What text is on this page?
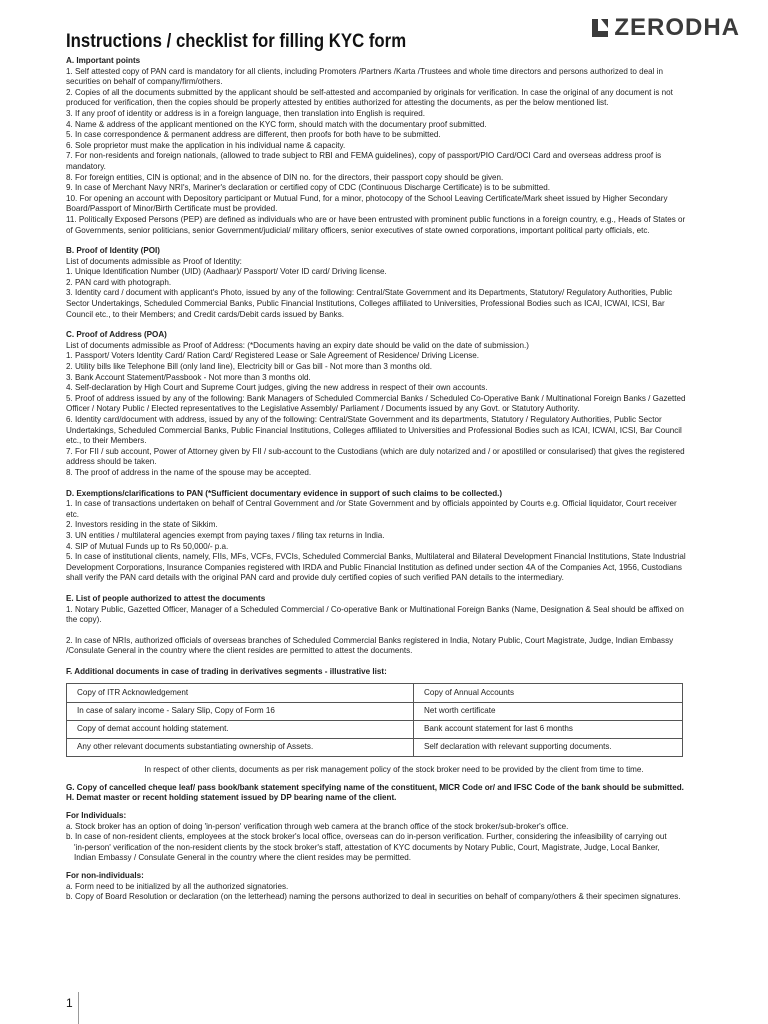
ZERODHA
Instructions / checklist for filling KYC form

A. Important points

1. Self attested copy of PAN card is mandatory for all clients, including Promoters /Partners /Karta /Trustees and whole time directors and persons authorized to deal in securities on behalf of company/firm/others.

2. Copies of all the documents submitted by the applicant should be self-attested and accompanied by originals for verification. In case the original of any document is not produced for verification, then the copies should be properly attested by entities authorized for attesting the documents, as per the below mentioned list.

3. If any proof of identity or address is in a foreign language, then translation into English is required.

4. Name & address of the applicant mentioned on the KYC form, should match with the documentary proof submitted.

5. In case correspondence & permanent address are different, then proofs for both have to be submitted.

6. Sole proprietor must make the application in his individual name & capacity.

7. For non-residents and foreign nationals, (allowed to trade subject to RBI and FEMA guidelines), copy of passport/PIO Card/OCI Card and overseas address proof is mandatory.

8. For foreign entities, CIN is optional; and in the absence of DIN no. for the directors, their passport copy should be given.

9. In case of Merchant Navy NRI's, Mariner's declaration or certified copy of CDC (Continuous Discharge Certificate) is to be submitted.

10. For opening an account with Depository participant or Mutual Fund, for a minor, photocopy of the School Leaving Certificate/Mark sheet issued by Higher Secondary Board/Passport of Minor/Birth Certificate must be provided.

11. Politically Exposed Persons (PEP) are defined as individuals who are or have been entrusted with prominent public functions in a foreign country, e.g., Heads of States or of Governments, senior politicians, senior Government/judicial/ military officers, senior executives of state owned corporations, important political party officials, etc.

B. Proof of Identity (POI)

List of documents admissible as Proof of Identity:

1. Unique Identification Number (UID) (Aadhaar)/ Passport/ Voter ID card/ Driving license.

2. PAN card with photograph.

3. Identity card / document with applicant's Photo, issued by any of the following: Central/State Government and its Departments, Statutory/ Regulatory Authorities, Public Sector Undertakings, Scheduled Commercial Banks, Public Financial Institutions, Colleges affiliated to Universities, Professional Bodies such as ICAI, ICWAI, ICSI, Bar Council etc., to their Members; and Credit cards/Debit cards issued by Banks.

C. Proof of Address (POA)

List of documents admissible as Proof of Address: (*Documents having an expiry date should be valid on the date of submission.)

1. Passport/ Voters Identity Card/ Ration Card/ Registered Lease or Sale Agreement of Residence/ Driving License.

2. Utility bills like Telephone Bill (only land line), Electricity bill or Gas bill - Not more than 3 months old.

3. Bank Account Statement/Passbook - Not more than 3 months old.

4. Self-declaration by High Court and Supreme Court judges, giving the new address in respect of their own accounts.

5. Proof of address issued by any of the following: Bank Managers of Scheduled Commercial Banks / Scheduled Co-Operative Bank / Multinational Foreign Banks / Gazetted Officer / Notary Public / Elected representatives to the Legislative Assembly/ Parliament / Documents issued by any Govt. or Statutory Authority.

6. Identity card/document with address, issued by any of the following: Central/State Government and its departments, Statutory / Regulatory Authorities, Public Sector Undertakings, Scheduled Commercial Banks, Public Financial Institutions, Colleges affiliated to Universities and Professional Bodies such as ICAI, ICWAI, ICSI, Bar Council etc., to their Members.

7. For FII / sub account, Power of Attorney given by FII / sub-account to the Custodians (which are duly notarized and / or apostilled or consularised) that gives the registered address should be taken.

8. The proof of address in the name of the spouse may be accepted.

D. Exemptions/clarifications to PAN (*Sufficient documentary evidence in support of such claims to be collected.)

1. In case of transactions undertaken on behalf of Central Government and /or State Government and by officials appointed by Courts e.g. Official liquidator, Court receiver etc.

2. Investors residing in the state of Sikkim.

3. UN entities / multilateral agencies exempt from paying taxes / filing tax returns in India.

4. SIP of Mutual Funds up to Rs 50,000/- p.a.

5. In case of institutional clients, namely, FIIs, MFs, VCFs, FVCIs, Scheduled Commercial Banks, Multilateral and Bilateral Development Financial Institutions, State Industrial Development Corporations, Insurance Companies registered with IRDA and Public Financial Institution as defined under section 4A of the Companies Act, 1956, Custodians shall verify the PAN card details with the original PAN card and provide duly certified copies of such verified PAN details to the intermediary.

E. List of people authorized to attest the documents

1. Notary Public, Gazetted Officer, Manager of a Scheduled Commercial / Co-operative Bank or Multinational Foreign Banks (Name, Designation & Seal should be affixed on the copy).

2. In case of NRIs, authorized officials of overseas branches of Scheduled Commercial Banks registered in India, Notary Public, Court Magistrate, Judge, Indian Embassy /Consulate General in the country where the client resides are permitted to attest the documents.

F. Additional documents in case of trading in derivatives segments - illustrative list:

Copy of ITR Acknowledgement	Copy of Annual Accounts
In case of salary income - Salary Slip, Copy of Form 16	Net worth certificate
Copy of demat account holding statement.	Bank account statement for last 6 months
Any other relevant documents substantiating ownership of Assets.	Self declaration with relevant supporting documents.

In respect of other clients, documents as per risk management policy of the stock broker need to be provided by the client from time to time.

G. Copy of cancelled cheque leaf/ pass book/bank statement specifying name of the constituent, MICR Code or/ and IFSC Code of the bank should be submitted.

H. Demat master or recent holding statement issued by DP bearing name of the client.

For Individuals:

a. Stock broker has an option of doing 'in-person' verification through web camera at the branch office of the stock broker/sub-broker's office.

b. In case of non-resident clients, employees at the stock broker's local office, overseas can do in-person verification. Further, considering the infeasibility of carrying out

'in-person' verification of the non-resident clients by the stock broker's staff, attestation of KYC documents by Notary Public, Court, Magistrate, Judge, Local Banker,

Indian Embassy / Consulate General in the country where the client resides may be permitted.

For non-individuals:

a. Form need to be initialized by all the authorized signatories.

b. Copy of Board Resolution or declaration (on the letterhead) naming the persons authorized to deal in securities on behalf of company/others & their specimen signatures.

1
